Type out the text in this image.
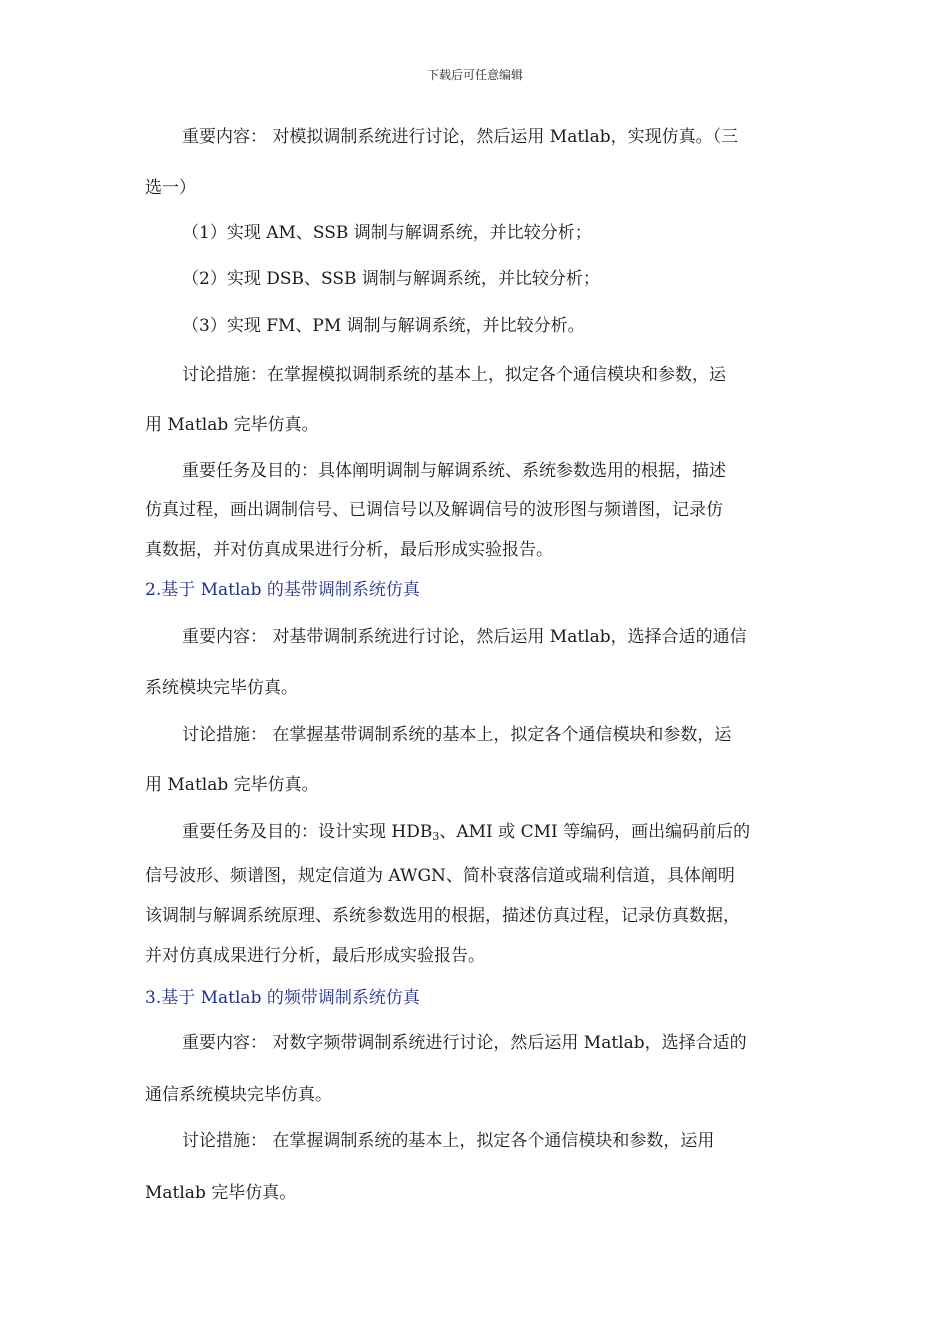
下载后可任意编辑
重要内容： 对模拟调制系统进行讨论，然后运用 Matlab，实现仿真。（三
选一）
（1）实现 AM、SSB 调制与解调系统，并比较分析；
（2）实现 DSB、SSB 调制与解调系统，并比较分析；
（3）实现 FM、PM 调制与解调系统，并比较分析。
讨论措施：在掌握模拟调制系统的基本上，拟定各个通信模块和参数，运
用 Matlab 完毕仿真。
重要任务及目的：具体阐明调制与解调系统、系统参数选用的根据，描述
仿真过程，画出调制信号、已调信号以及解调信号的波形图与频谱图，记录仿
真数据，并对仿真成果进行分析，最后形成实验报告。
2.基于 Matlab 的基带调制系统仿真
重要内容： 对基带调制系统进行讨论，然后运用 Matlab，选择合适的通信
系统模块完毕仿真。
讨论措施： 在掌握基带调制系统的基本上，拟定各个通信模块和参数，运
用 Matlab 完毕仿真。
重要任务及目的：设计实现 $HDB_3$、AMI 或 CMI 等编码，画出编码前后的
信号波形、频谱图，规定信道为 AWGN、简朴衰落信道或瑞利信道，具体阐明
该调制与解调系统原理、系统参数选用的根据，描述仿真过程，记录仿真数据，
并对仿真成果进行分析，最后形成实验报告。
3.基于 Matlab 的频带调制系统仿真
重要内容： 对数字频带调制系统进行讨论，然后运用 Matlab，选择合适的
通信系统模块完毕仿真。
讨论措施： 在掌握调制系统的基本上，拟定各个通信模块和参数，运用
Matlab 完毕仿真。
